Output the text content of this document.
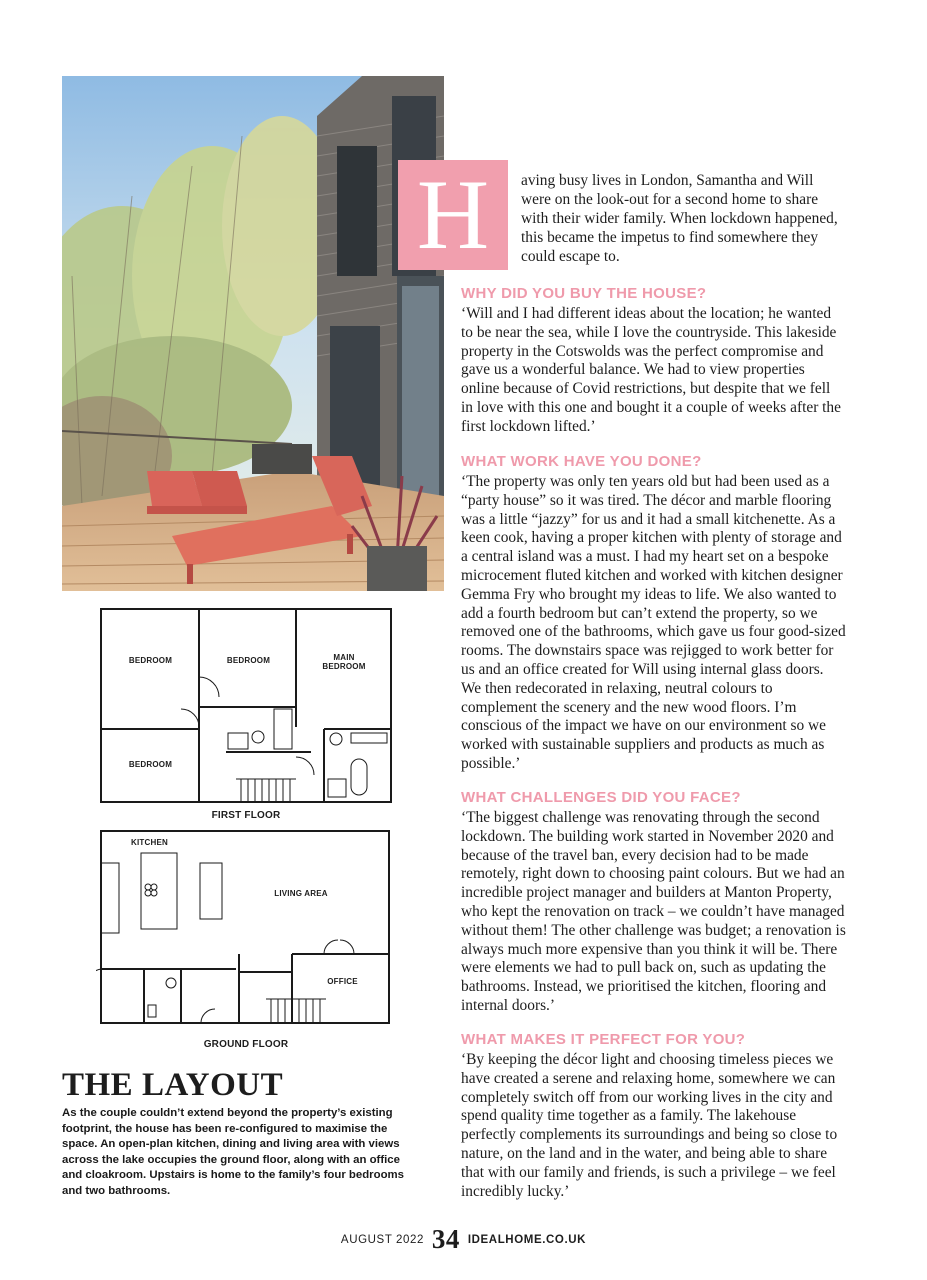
H	aving busy lives in London, Samantha and Will were on the look-out for a second home to share with their wider family. When lockdown happened, this became the impetus to find somewhere they could escape to.
WHY DID YOU BUY THE HOUSE?

‘Will and I had different ideas about the location; he wanted to be near the sea, while I love the countryside. This lakeside property in the Cotswolds was the perfect compromise and gave us a wonderful balance. We had to view properties online because of Covid restrictions, but despite that we fell in love with this one and bought it a couple of weeks after the first lockdown lifted.’

WHAT WORK HAVE YOU DONE?

‘The property was only ten years old but had been used as a “party house” so it was tired. The décor and marble flooring was a little “jazzy” for us and it had a small kitchenette. As a keen cook, having a proper kitchen with plenty of storage and a central island was a must. I had my heart set on a bespoke microcement fluted kitchen and worked with kitchen designer Gemma Fry who brought my ideas to life. We also wanted to add a fourth bedroom but can’t extend the property, so we removed one of the bathrooms, which gave us four good-sized rooms. The downstairs space was rejigged to work better for us and an office created for Will using internal glass doors. We then redecorated in relaxing, neutral colours to complement the scenery and the new wood floors. I’m conscious of the impact we have on our environment so we worked with sustainable suppliers and products as much as possible.’

WHAT CHALLENGES DID YOU FACE?

‘The biggest challenge was renovating through the second lockdown. The building work started in November 2020 and because of the travel ban, every decision had to be made remotely, right down to choosing paint colours. But we had an incredible project manager and builders at Manton Property, who kept the renovation on track – we couldn’t have managed without them! The other challenge was budget; a renovation is always much more expensive than you think it will be. There were elements we had to pull back on, such as updating the bathrooms. Instead, we prioritised the kitchen, flooring and internal doors.’

WHAT MAKES IT PERFECT FOR YOU?

‘By keeping the décor light and choosing timeless pieces we have created a serene and relaxing home, somewhere we can completely switch off from our working lives in the city and spend quality time together as a family. The lakehouse perfectly complements its surroundings and being so close to nature, on the land and in the water, and being able to share that with our family and friends, is such a privilege – we feel incredibly lucky.’

BEDROOM	BEDROOM	MAIN
BEDROOM
BEDROOM
FIRST FLOOR
KITCHEN
LIVING AREA
OFFICE
GROUND FLOOR
THE LAYOUT
As the couple couldn’t extend beyond the property’s existing footprint, the house has been re-configured to maximise the space. An open-plan kitchen, dining and living area with views across the lake occupies the ground floor, along with an office and cloakroom. Upstairs is home to the family’s four bedrooms and two bathrooms.
AUGUST 2022 34 IDEALHOME.CO.UK
